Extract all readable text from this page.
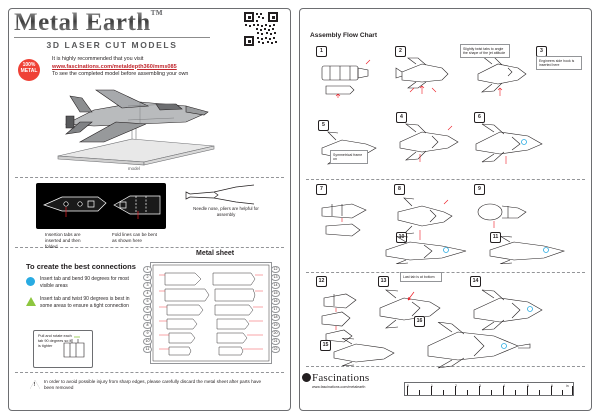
Metal Earth™
3D LASER CUT MODELS
100%
METAL
It is highly recommended that you visit
www.fascinations.com/metaldepth360/mms085
To see the completed model before assembling your own
model
Needle nose, pliers are helpful for assembly
Insertion tabs are inserted and then folded
Fold lines can be bent as shown here
To create the best connections
Insert tab and bend 90 degrees for most visible areas
Insert tab and twist 90 degrees is best in some areas to ensure a tight connection
Pull and rotate each tab 90 degrees so it is tighter
Metal sheet
1
2
3
4
5
6
7
8
9
10
11
12
13
14
15
16
17
18
19
20
21
22
!
In order to avoid possible injury from sharp edges, please carefully discard the metal sheet after parts have been removed
Assembly Flow Chart
1	2	3
Slightly twist tabs to angle the shape of the jet attitude
Engineers side hook is inserted here
4
5
Symmetrical frame on
6
7	8	9
10	11
12	13
Last tab is at bottom
14
15
16
Fascinations
www.fascinations.com/metalearth	0	1	2	3	4	5	6	in
